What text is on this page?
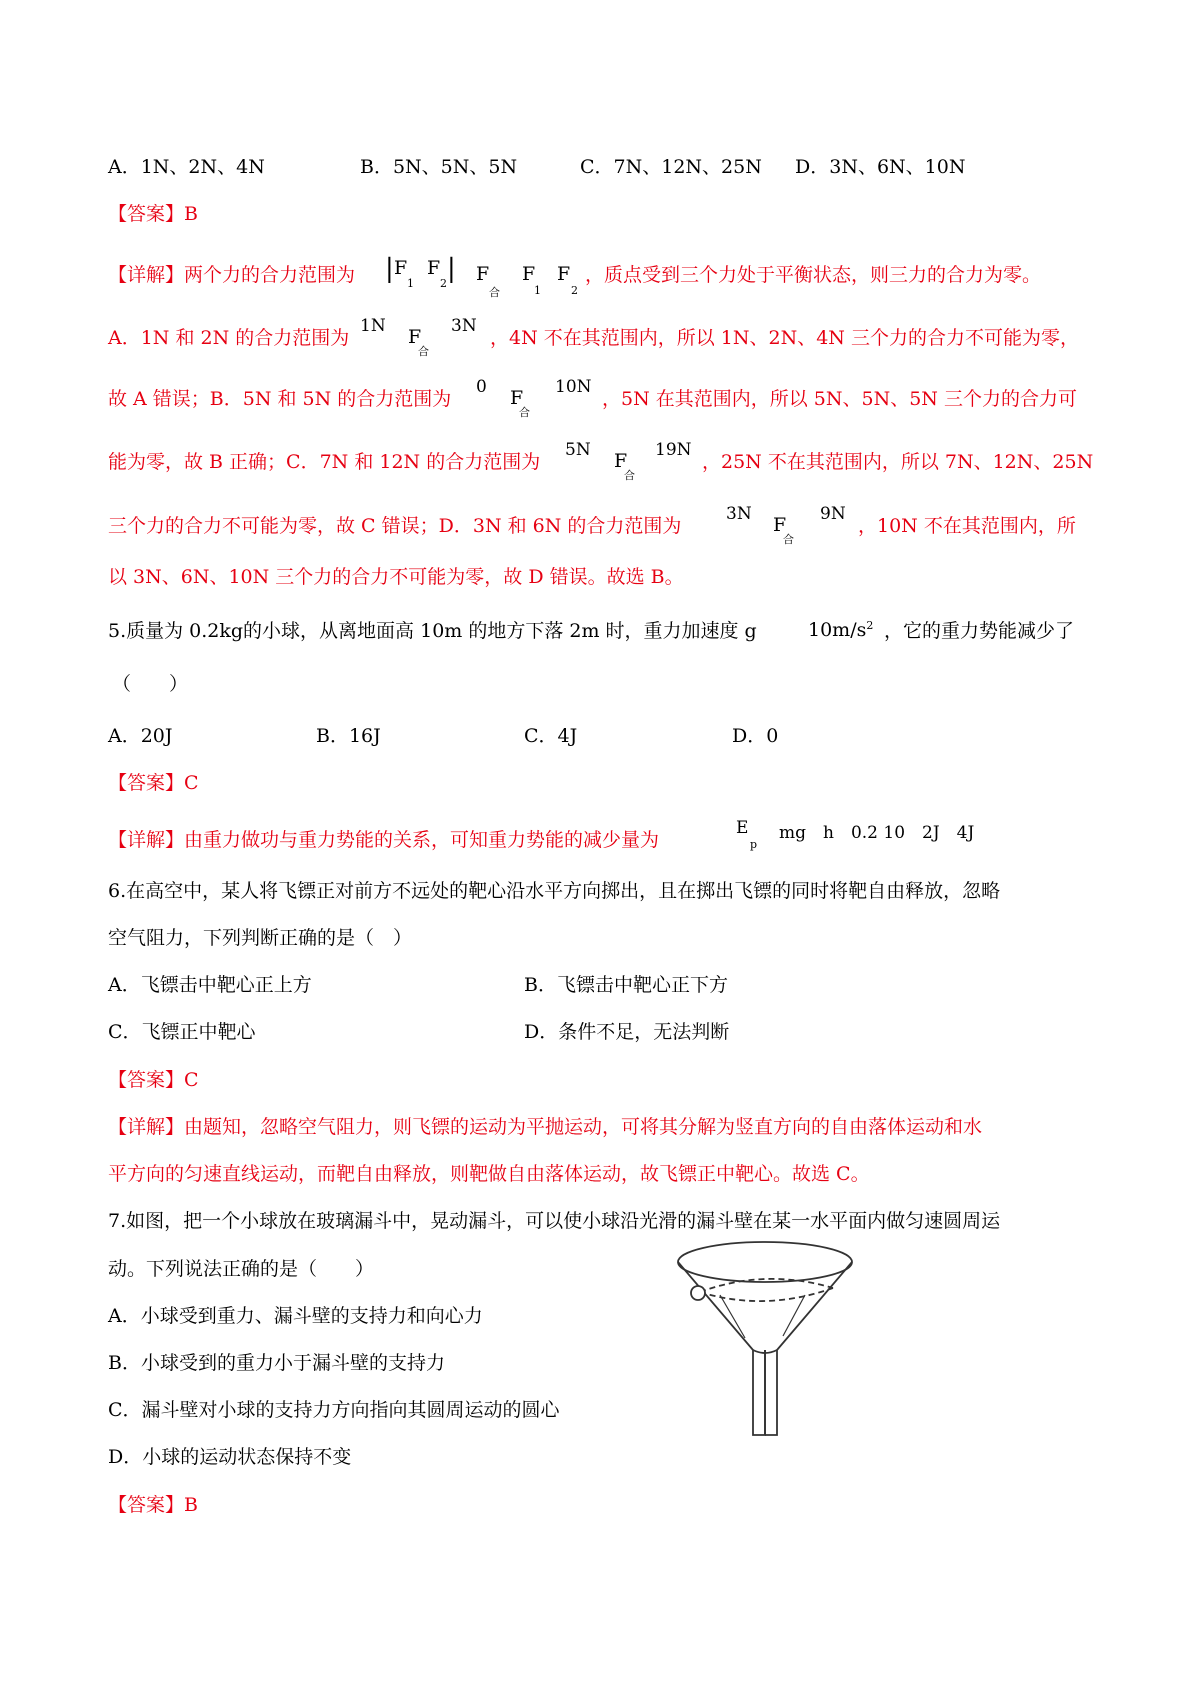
A．1N、2N、4N	B．5N、5N、5N	C．7N、12N、25N D．3N、6N、10N
【答案】B
【详解】两个力的合力范围为 | F
1
F
2 | F
合
F
1
F
2
，质点受到三个力处于平衡状态，则三力的合力为零。
A．1N 和 2N 的合力范围为
1N F
合
3N
，4N 不在其范围内，所以 1N、2N、4N 三个力的合力不可能为零，
故 A 错误；B．5N 和 5N 的合力范围为
0 F
合
10N
，5N 在其范围内，所以 5N、5N、5N 三个力的合力可
能为零，故 B 正确；C．7N 和 12N 的合力范围为
5N F
合
19N
，25N 不在其范围内，所以 7N、12N、25N
三个力的合力不可能为零，故 C 错误；D．3N 和 6N 的合力范围为
3N F
合
9N
，10N 不在其范围内，所
以 3N、6N、10N 三个力的合力不可能为零，故 D 错误。故选 B。
5.质量为 0.2kg的小球，从离地面高 10m 的地方下落 2m 时，重力加速度 g	$10m/s^2$ ，它的重力势能减少了
（　　）
A．20J	B．16J	C．4J	D．0
【答案】C
【详解】由重力做功与重力势能的关系，可知重力势能的减少量为
E
p
mg　h　0.2 10　2J　4J
6.在高空中，某人将飞镖正对前方不远处的靶心沿水平方向掷出，且在掷出飞镖的同时将靶自由释放，忽略
空气阻力，下列判断正确的是（　）
A．飞镖击中靶心正上方	B．飞镖击中靶心正下方
C．飞镖正中靶心	D．条件不足，无法判断
【答案】C
【详解】由题知，忽略空气阻力，则飞镖的运动为平抛运动，可将其分解为竖直方向的自由落体运动和水
平方向的匀速直线运动，而靶自由释放，则靶做自由落体运动，故飞镖正中靶心。故选 C。
7.如图，把一个小球放在玻璃漏斗中，晃动漏斗，可以使小球沿光滑的漏斗壁在某一水平面内做匀速圆周运
动。下列说法正确的是（　　）
A．小球受到重力、漏斗壁的支持力和向心力
B．小球受到的重力小于漏斗壁的支持力
C．漏斗壁对小球的支持力方向指向其圆周运动的圆心
D．小球的运动状态保持不变
【答案】B
